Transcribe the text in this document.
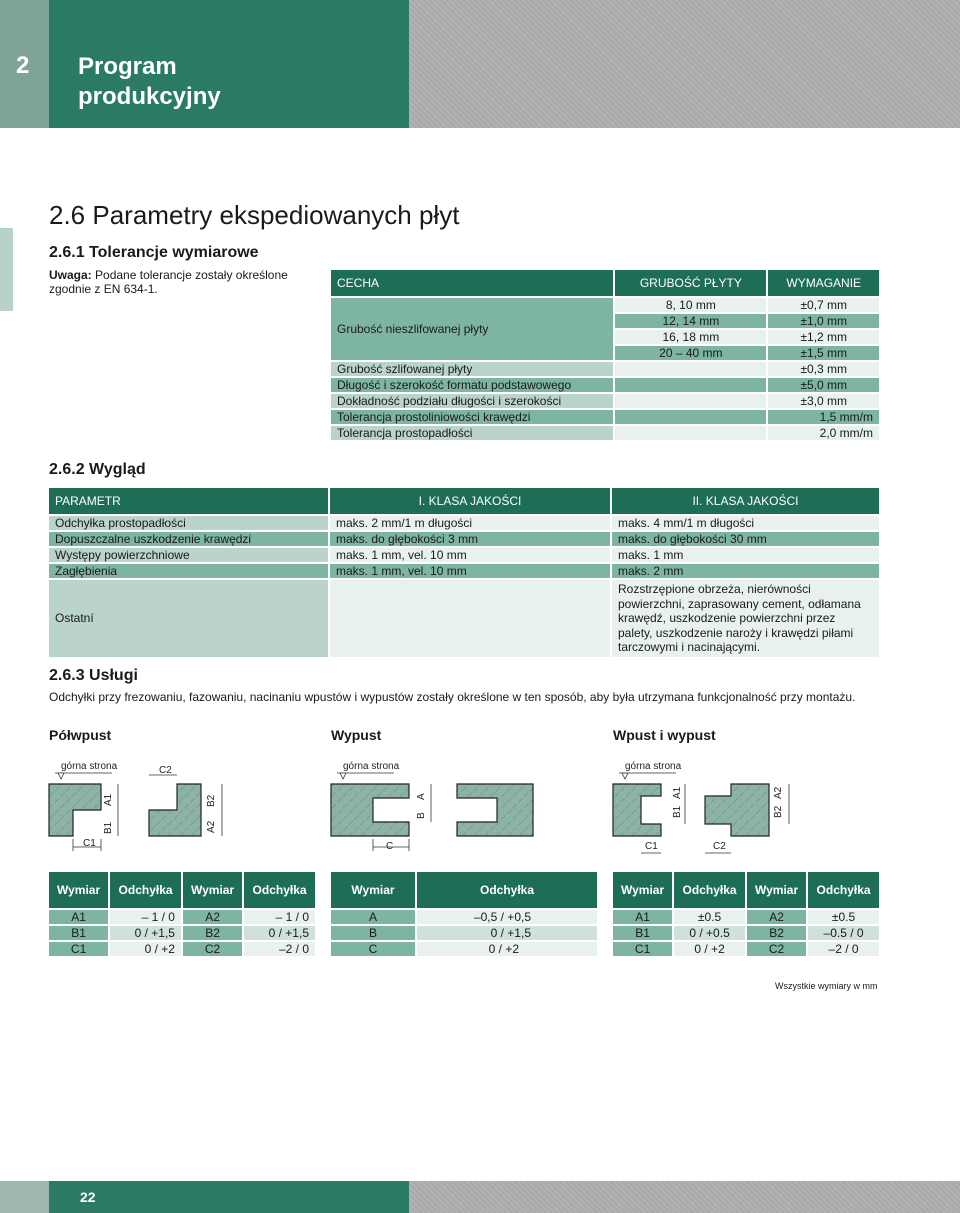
2 Program
produkcyjny
2.6 Parametry ekspediowanych płyt
2.6.1 Tolerancje wymiarowe
Uwaga: Podane tolerancje zostały określone zgodnie z EN 634-1.	CECHA	GRUBOŚĆ PŁYTY	WYMAGANIE
Grubość nieszlifowanej płyty	8, 10 mm	±0,7 mm
	12, 14 mm	±1,0 mm
	16, 18 mm	±1,2 mm
	20 – 40 mm	±1,5 mm
Grubość szlifowanej płyty		±0,3 mm
Długość i szerokość formatu podstawowego		±5,0 mm
Dokładność podziału długości i szerokości		±3,0 mm
Tolerancja prostoliniowości krawędzi		1,5 mm/m
Tolerancja prostopadłości		2,0 mm/m
2.6.2 Wygląd
PARAMETR	I. KLASA JAKOŚCI	II. KLASA JAKOŚCI
Odchyłka prostopadłości	maks. 2 mm/1 m długości	maks. 4 mm/1 m długości
Dopuszczalne uszkodzenie krawędzi	maks. do głębokości 3 mm	maks. do głębokości 30 mm
Występy powierzchniowe	maks. 1 mm, vel. 10 mm	maks. 1 mm
Zagłębienia	maks. 1 mm, vel. 10 mm	maks. 2 mm
Ostatní		Rozstrzępione obrzeża, nierówności powierzchni, zaprasowany cement, odłamana krawędź, uszkodzenie powierzchni przez palety, uszkodzenie naroży i krawędzi piłami tarczowymi i nacinającymi.
2.6.3 Usługi
Odchyłki przy frezowaniu, fazowaniu, nacinaniu wpustów i wypustów zostały określone w ten sposób, aby była utrzymana funkcjonalność przy montażu.
Półwpust	Wypust	Wpust i wypust
górna strona	górna strona	górna strona
A1
B1
C1
C2
B2
A2
A
B
C
A1
B1
C1	C2
A2
B2
Wymiar	Odchyłka	Wymiar	Odchyłka
A1	– 1 / 0	A2	– 1 / 0
B1	0 / +1,5	B2	0 / +1,5
C1	0 / +2	C2	–2 / 0
Wymiar	Odchyłka
A	–0,5 / +0,5
B	0 / +1,5
C	0 / +2
Wymiar	Odchyłka	Wymiar	Odchyłka
A1	±0.5	A2	±0.5
B1	0 / +0.5	B2	–0.5 / 0
C1	0 / +2	C2	–2 / 0
Wszystkie wymiary w mm
22
